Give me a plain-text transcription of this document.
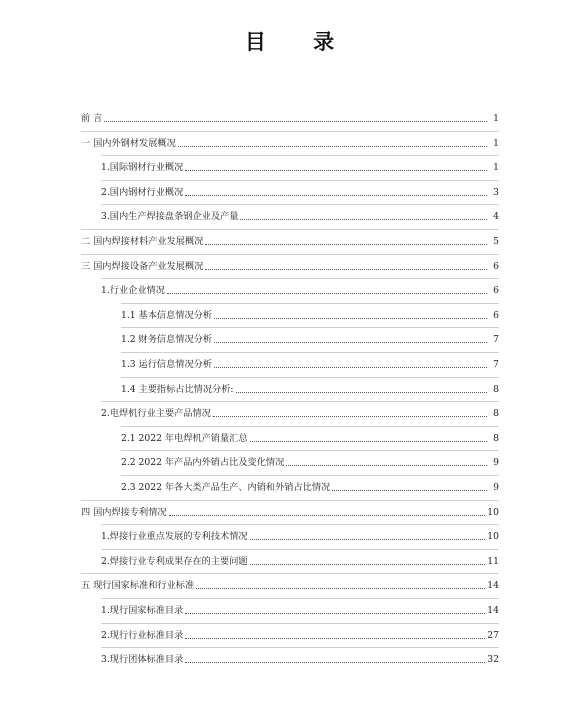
目 录
前 言	1
一 国内外钢材发展概况	1
1.国际钢材行业概况	1
2.国内钢材行业概况	3
3.国内生产焊接盘条钢企业及产量	4
二 国内焊接材料产业发展概况	5
三 国内焊接设备产业发展概况	6
1.行业企业情况	6
1.1 基本信息情况分析	6
1.2 财务信息情况分析	7
1.3 运行信息情况分析	7
1.4 主要指标占比情况分析:	8
2.电焊机行业主要产品情况	8
2.1 2022 年电焊机产销量汇总	8
2.2 2022 年产品内外销占比及变化情况	9
2.3 2022 年各大类产品生产、内销和外销占比情况	9
四 国内焊接专利情况	10
1.焊接行业重点发展的专利技术情况	10
2.焊接行业专利成果存在的主要问题	11
五 现行国家标准和行业标准	14
1.现行国家标准目录	14
2.现行行业标准目录	27
3.现行团体标准目录	32
